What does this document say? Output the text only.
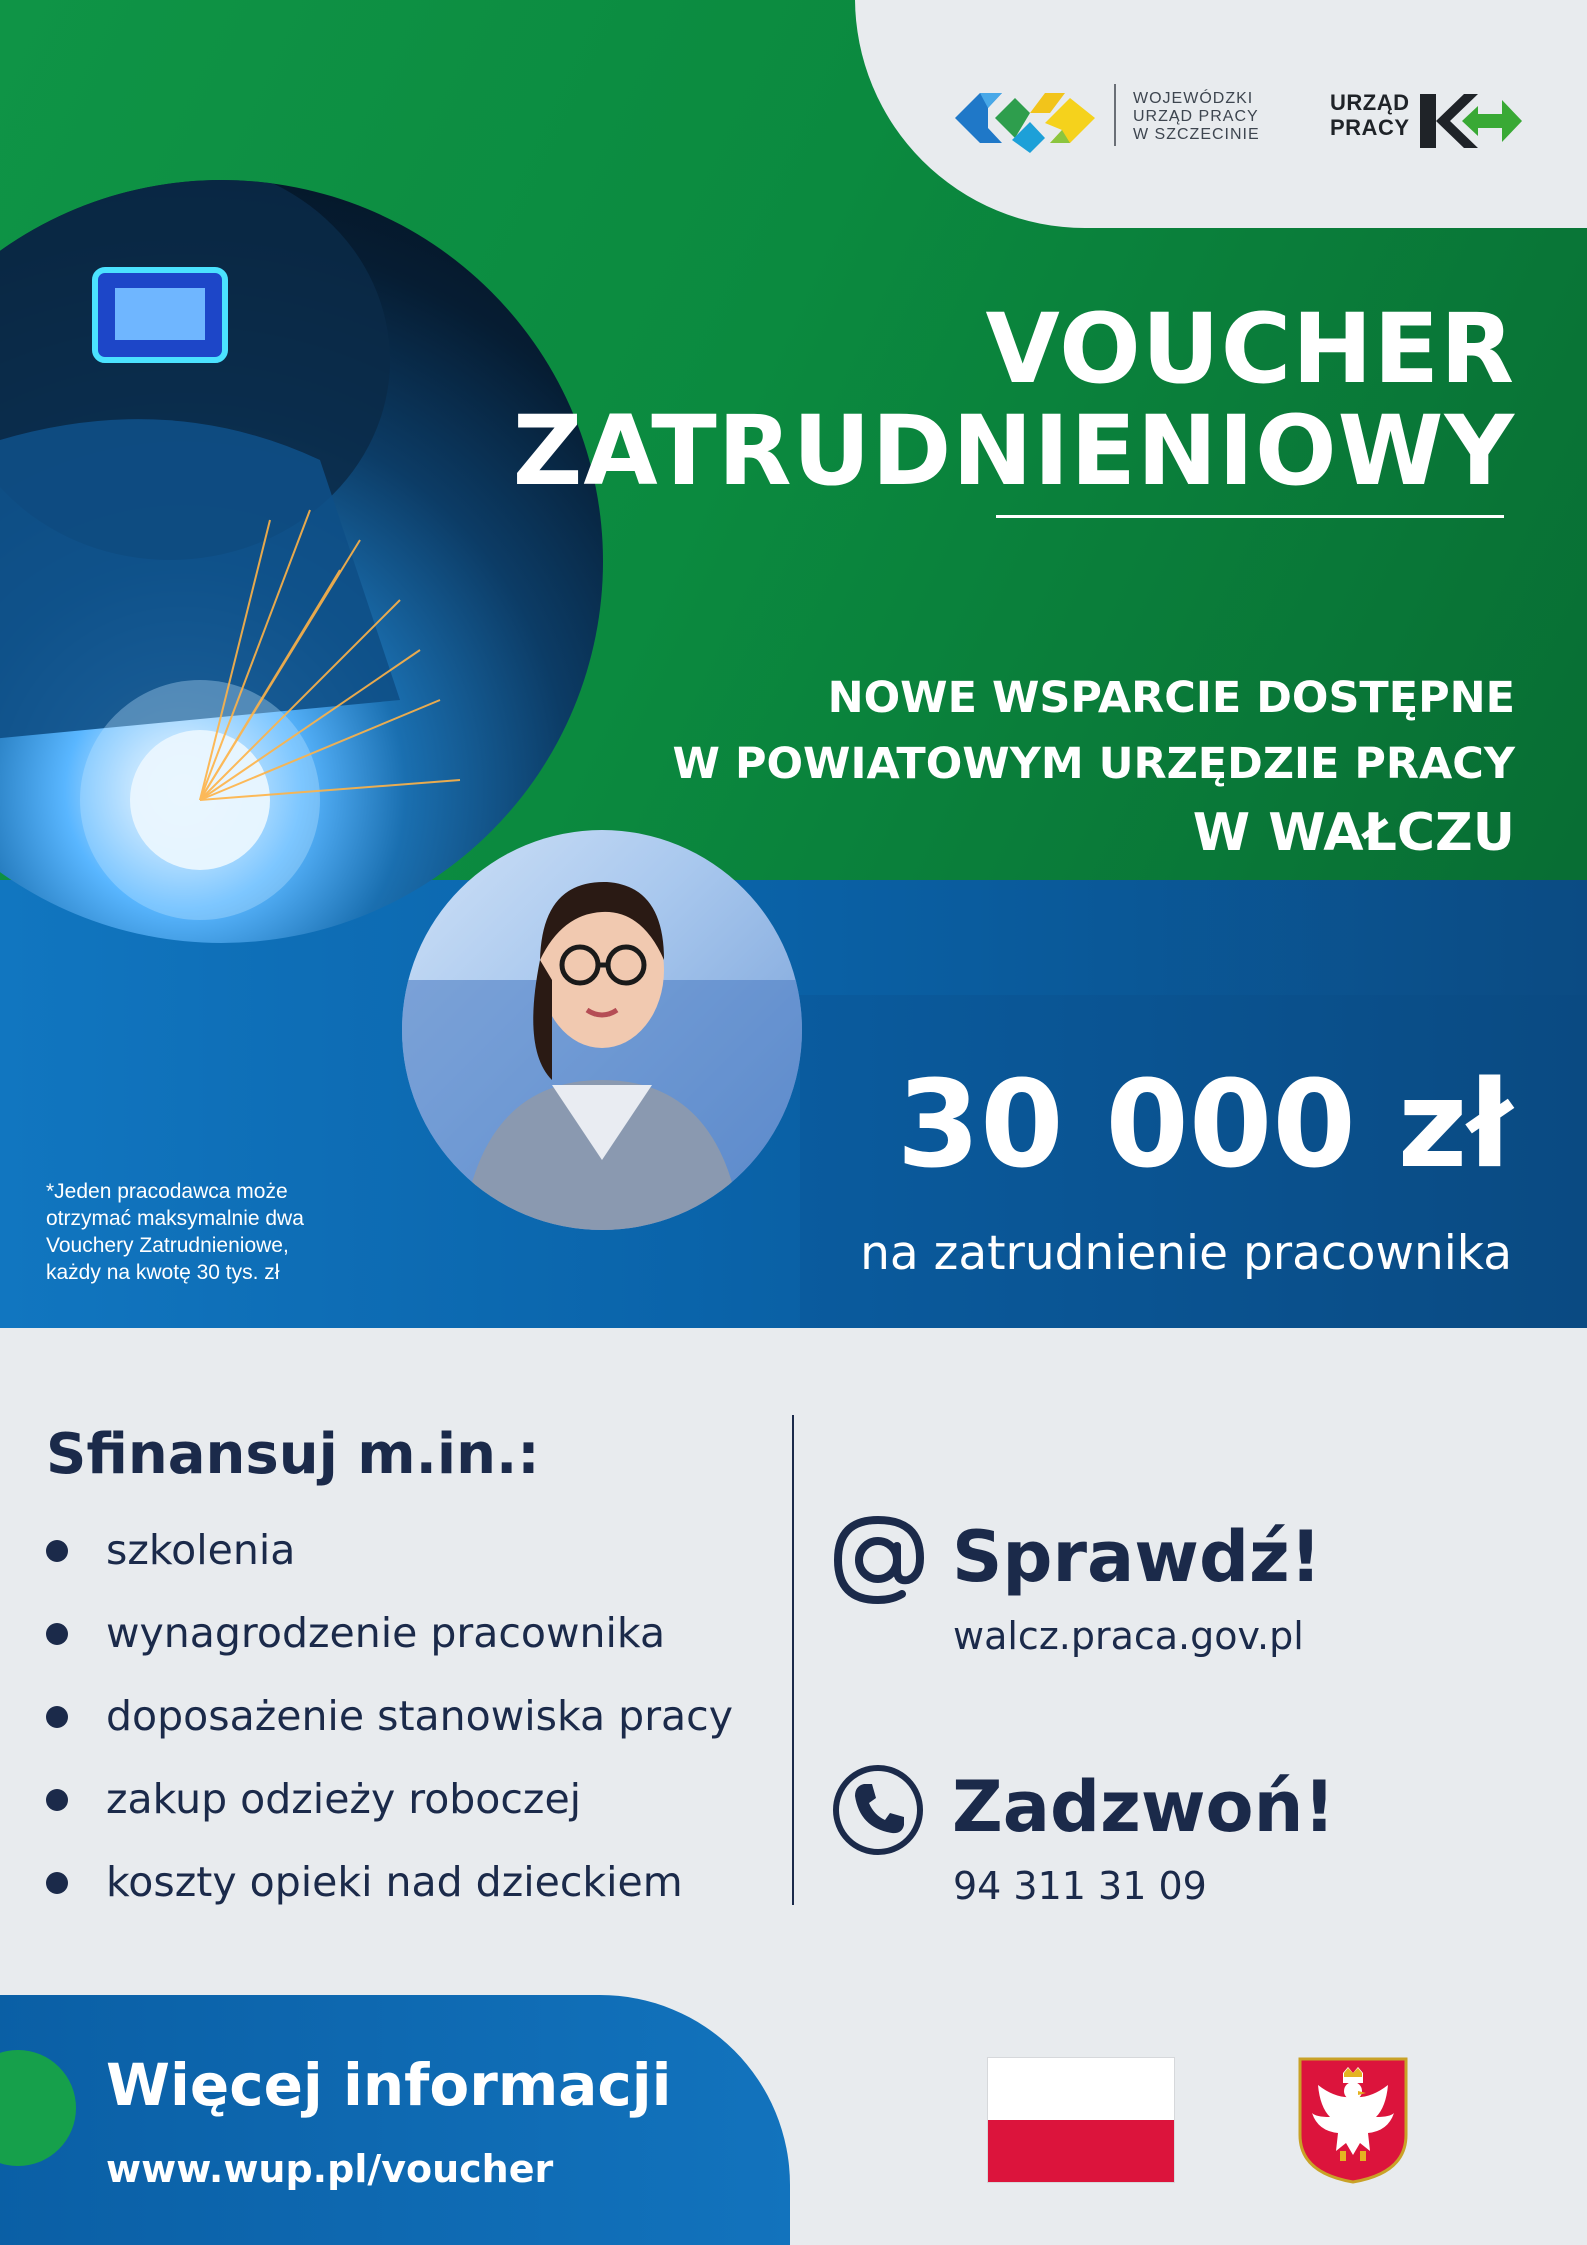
WOJEWÓDZKI
URZĄD PRACY
W SZCZECINIE
URZĄD
PRACY
VOUCHER
ZATRUDNIENIOWY
NOWE WSPARCIE DOSTĘPNE
W POWIATOWYM URZĘDZIE PRACY
W WAŁCZU
30 000 zł
na zatrudnienie pracownika
*Jeden pracodawca może
otrzymać maksymalnie dwa
Vouchery Zatrudnieniowe,
każdy na kwotę 30 tys. zł
Sfinansuj m.in.:
szkolenia
wynagrodzenie pracownika
doposażenie stanowiska pracy
zakup odzieży roboczej
koszty opieki nad dzieckiem
Sprawdź!
walcz.praca.gov.pl
Zadzwoń!
94 311 31 09
Więcej informacji
www.wup.pl/voucher
